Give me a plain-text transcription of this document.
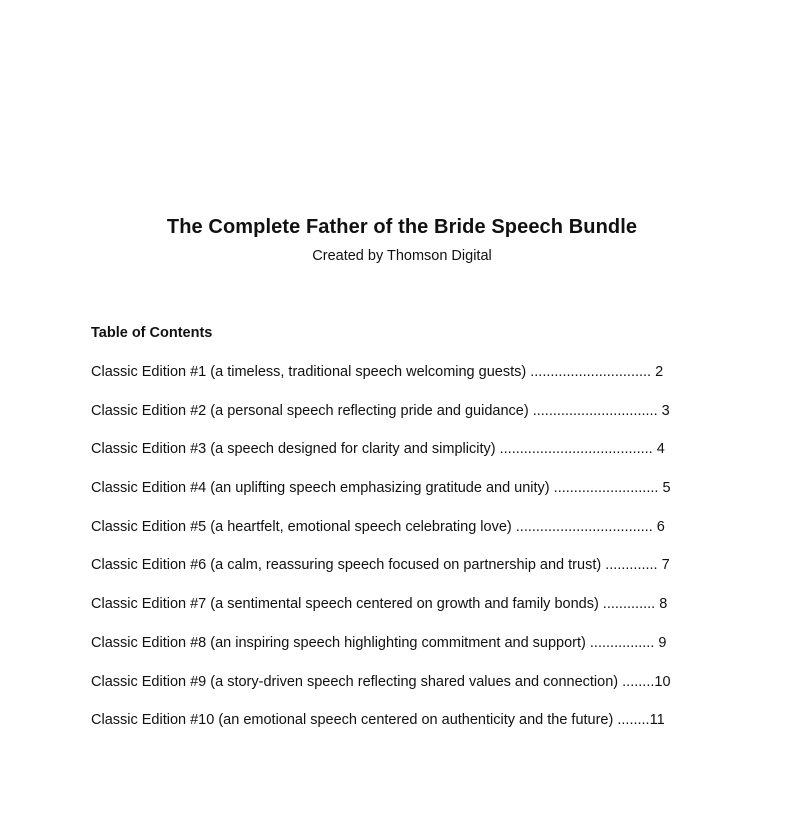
The Complete Father of the Bride Speech Bundle

Created by Thomson Digital

Table of Contents
Classic Edition #1 (a timeless, traditional speech welcoming guests) .............................. 2
Classic Edition #2 (a personal speech reflecting pride and guidance) ............................... 3
Classic Edition #3 (a speech designed for clarity and simplicity) ...................................... 4
Classic Edition #4 (an uplifting speech emphasizing gratitude and unity) .......................... 5
Classic Edition #5 (a heartfelt, emotional speech celebrating love) .................................. 6
Classic Edition #6 (a calm, reassuring speech focused on partnership and trust) ............. 7
Classic Edition #7 (a sentimental speech centered on growth and family bonds) ............. 8
Classic Edition #8 (an inspiring speech highlighting commitment and support) ................ 9
Classic Edition #9 (a story-driven speech reflecting shared values and connection) ........10
Classic Edition #10 (an emotional speech centered on authenticity and the future) ........11
